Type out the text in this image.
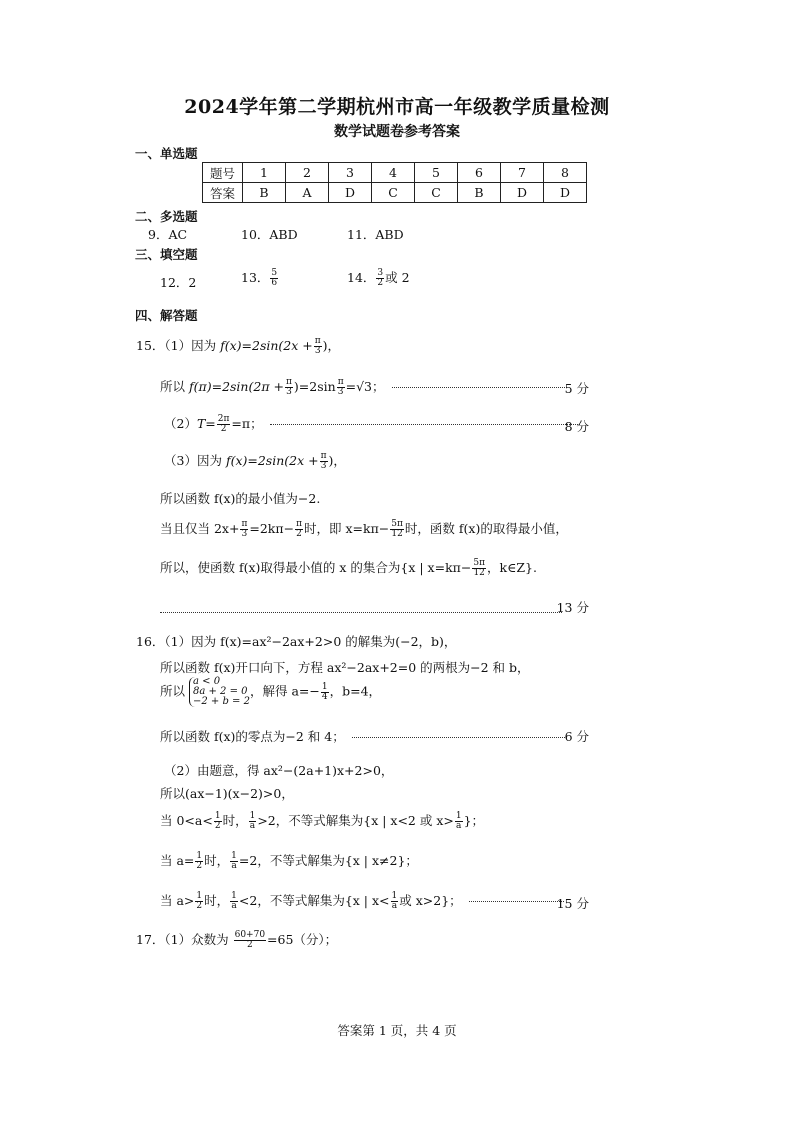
2024学年第二学期杭州市高一年级教学质量检测
数学试题卷参考答案
一、单选题
题号	1	2	3	4	5	6	7	8
答案	B	A	D	C	C	B	D	D
二、多选题
9．AC	10．ABD	11．ABD
三、填空题
12．2	13． $\frac{5}{6}$	14． $\frac{3}{2}$ 或 2
四、解答题
15．（1）因为 $f(x)=2\sin(2x + \frac{\pi}{3}$ )，
所以 $f(\pi)=2\sin(2\pi + \frac{\pi}{3} )=2\sin \frac{\pi}{3} =√3$；	5 分
$(2)T= \frac{2\pi}{2} =\pi$；	8 分
（3）因为 $f(x)=2\sin(2x + \frac{\pi}{3}$ )，
所以函数 f(x)的最小值为−2.
当且仅当 $2x+ \frac{\pi}{3} =2k\pi- \frac{\pi}{2}$ 时，即 $x=k\pi- \frac{5\pi}{12}$ 时，函数 f(x)的取得最小值，
所以，使函数 f(x)取得最小值的 x 的集合为{x | $x=k\pi- \frac{5\pi}{12}$ ，k∈Z}.
13 分
16．（1）因为 f(x)=ax²−2ax+2>0 的解集为(−2，b)，
所以函数 f(x)开口向下，方程 ax²−2ax+2=0 的两根为−2 和 b，
所以
a < 0
8a + 2 = 0
−2 + b = 2
，解得 $a=- \frac{1}{4}$ ，b=4，
所以函数 f(x)的零点为−2 和 4；	6 分
（2）由题意，得 ax²−(2a+1)x+2>0，
所以(ax−1)(x−2)>0，
当 $0<a< \frac{1}{2}$ 时， $\frac{1}{a} >2$，不等式解集为{x | x<2 或 $x> \frac{1}{a}$ }；
当 $a= \frac{1}{2}$ 时， $\frac{1}{a} =2$，不等式解集为{x | x≠2}；
当 $a> \frac{1}{2}$ 时， $\frac{1}{a} <2$，不等式解集为{x | $x< \frac{1}{a}$ 或 x>2}；	15 分
17．（1）众数为 $\frac{60+70}{2} =65$（分）；
答案第 1 页，共 4 页
